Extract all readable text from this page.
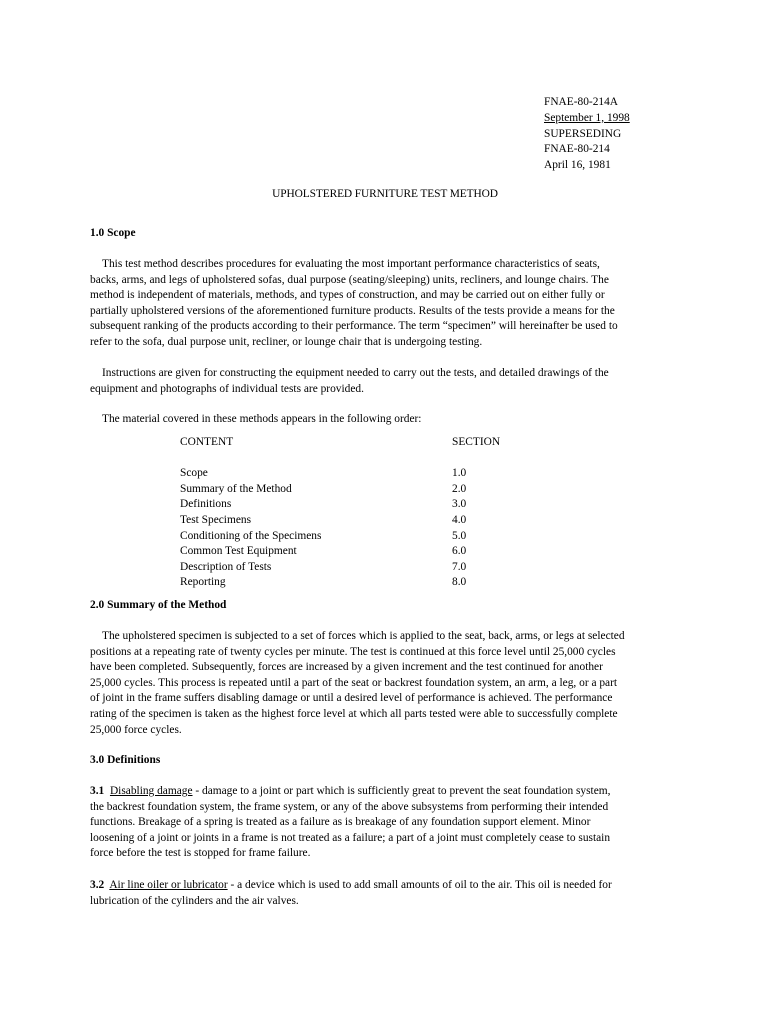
FNAE-80-214A
September 1, 1998
SUPERSEDING
FNAE-80-214
April 16, 1981
UPHOLSTERED FURNITURE TEST METHOD
1.0 Scope
This test method describes procedures for evaluating the most important performance characteristics of seats,
backs, arms, and legs of upholstered sofas, dual purpose (seating/sleeping) units, recliners, and lounge chairs. The
method is independent of materials, methods, and types of construction, and may be carried out on either fully or
partially upholstered versions of the aforementioned furniture products. Results of the tests provide a means for the
subsequent ranking of the products according to their performance. The term “specimen” will hereinafter be used to
refer to the sofa, dual purpose unit, recliner, or lounge chair that is undergoing testing.
Instructions are given for constructing the equipment needed to carry out the tests, and detailed drawings of the
equipment and photographs of individual tests are provided.
The material covered in these methods appears in the following order:
CONTENT	SECTION
Scope	1.0
Summary of the Method	2.0
Definitions	3.0
Test Specimens	4.0
Conditioning of the Specimens	5.0
Common Test Equipment	6.0
Description of Tests	7.0
Reporting	8.0
2.0 Summary of the Method
The upholstered specimen is subjected to a set of forces which is applied to the seat, back, arms, or legs at selected
positions at a repeating rate of twenty cycles per minute. The test is continued at this force level until 25,000 cycles
have been completed. Subsequently, forces are increased by a given increment and the test continued for another
25,000 cycles. This process is repeated until a part of the seat or backrest foundation system, an arm, a leg, or a part
of joint in the frame suffers disabling damage or until a desired level of performance is achieved. The performance
rating of the specimen is taken as the highest force level at which all parts tested were able to successfully complete
25,000 force cycles.
3.0 Definitions
3.1 Disabling damage - damage to a joint or part which is sufficiently great to prevent the seat foundation system,
the backrest foundation system, the frame system, or any of the above subsystems from performing their intended
functions. Breakage of a spring is treated as a failure as is breakage of any foundation support element. Minor
loosening of a joint or joints in a frame is not treated as a failure; a part of a joint must completely cease to sustain
force before the test is stopped for frame failure.
3.2 Air line oiler or lubricator - a device which is used to add small amounts of oil to the air. This oil is needed for
lubrication of the cylinders and the air valves.
